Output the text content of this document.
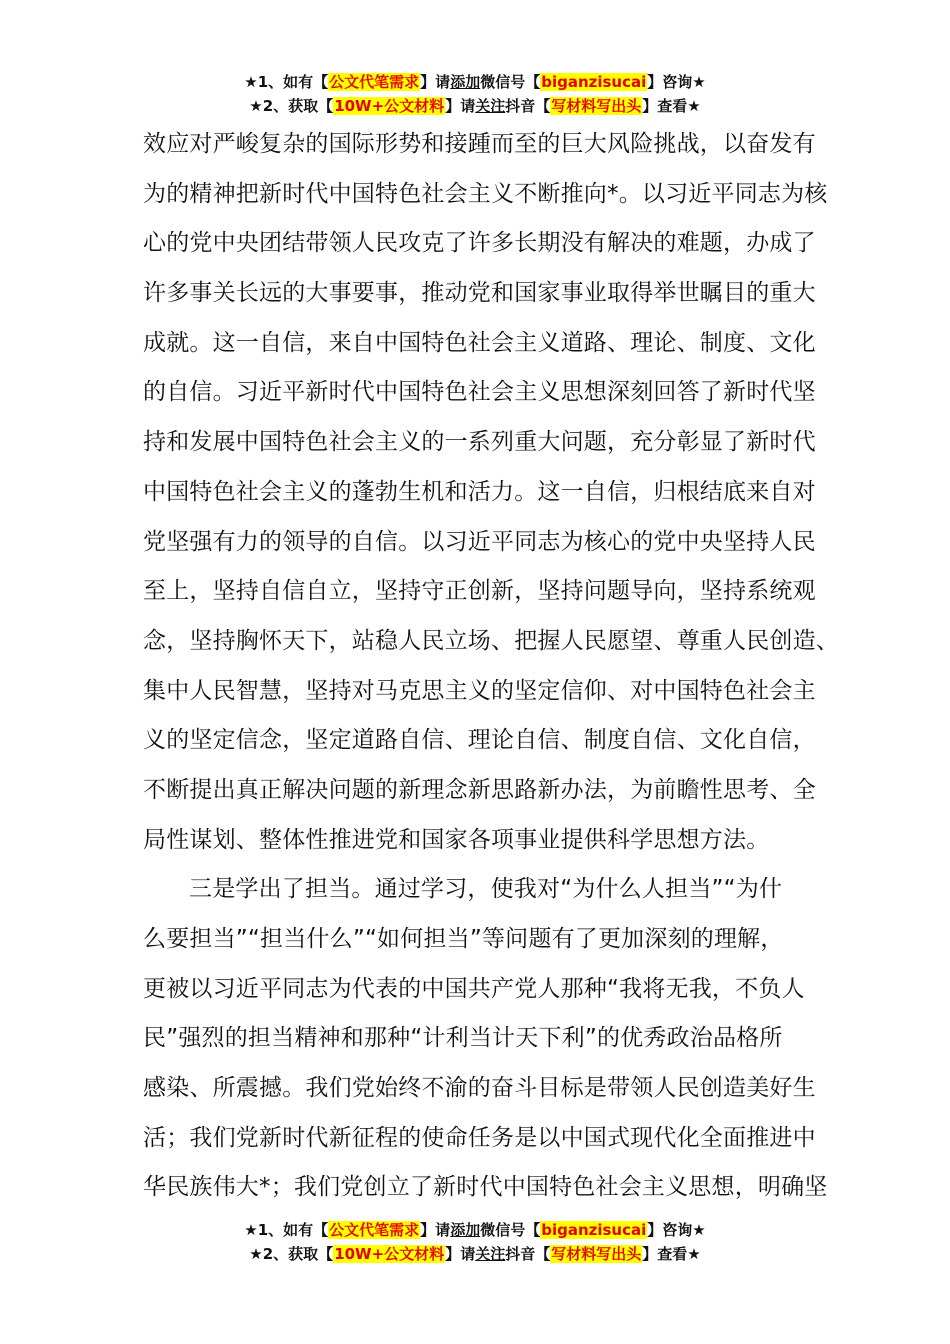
★1、如有【公文代笔需求】请添加微信号【biganzisucai】咨询★
★2、获取【10W+公文材料】请关注抖音【写材料写出头】查看★
效应对严峻复杂的国际形势和接踵而至的巨大风险挑战，以奋发有
为的精神把新时代中国特色社会主义不断推向*。以习近平同志为核
心的党中央团结带领人民攻克了许多长期没有解决的难题，办成了
许多事关长远的大事要事，推动党和国家事业取得举世瞩目的重大
成就。这一自信，来自中国特色社会主义道路、理论、制度、文化
的自信。习近平新时代中国特色社会主义思想深刻回答了新时代坚
持和发展中国特色社会主义的一系列重大问题，充分彰显了新时代
中国特色社会主义的蓬勃生机和活力。这一自信，归根结底来自对
党坚强有力的领导的自信。以习近平同志为核心的党中央坚持人民
至上，坚持自信自立，坚持守正创新，坚持问题导向，坚持系统观
念，坚持胸怀天下，站稳人民立场、把握人民愿望、尊重人民创造、
集中人民智慧，坚持对马克思主义的坚定信仰、对中国特色社会主
义的坚定信念，坚定道路自信、理论自信、制度自信、文化自信，
不断提出真正解决问题的新理念新思路新办法，为前瞻性思考、全
局性谋划、整体性推进党和国家各项事业提供科学思想方法。
三是学出了担当。通过学习，使我对“为什么人担当”“为什
么要担当”“担当什么”“如何担当”等问题有了更加深刻的理解，
更被以习近平同志为代表的中国共产党人那种“我将无我，不负人
民”强烈的担当精神和那种“计利当计天下利”的优秀政治品格所
感染、所震撼。我们党始终不渝的奋斗目标是带领人民创造美好生
活；我们党新时代新征程的使命任务是以中国式现代化全面推进中
华民族伟大*；我们党创立了新时代中国特色社会主义思想，明确坚
★1、如有【公文代笔需求】请添加微信号【biganzisucai】咨询★
★2、获取【10W+公文材料】请关注抖音【写材料写出头】查看★
